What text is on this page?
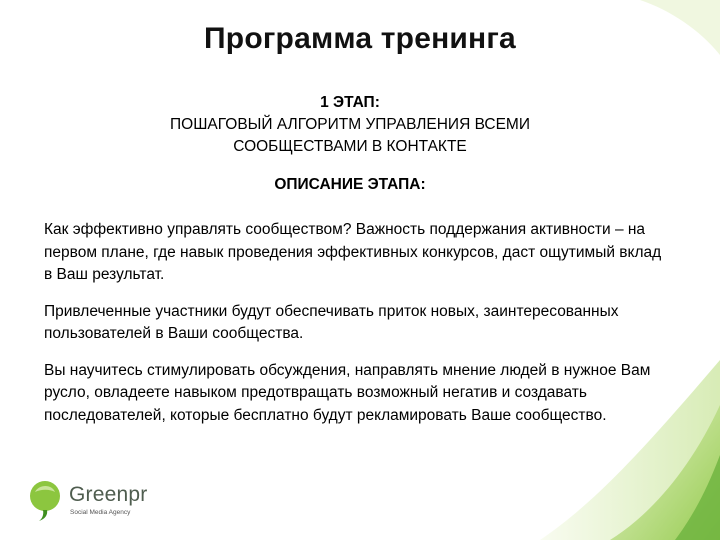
Программа тренинга
1 ЭТАП:
ПОШАГОВЫЙ АЛГОРИТМ УПРАВЛЕНИЯ ВСЕМИ СООБЩЕСТВАМИ В КОНТАКТЕ
ОПИСАНИЕ ЭТАПА:

Как эффективно управлять сообществом? Важность поддержания активности – на первом плане, где навык проведения эффективных конкурсов, даст ощутимый вклад в Ваш результат.

Привлеченные участники будут обеспечивать приток новых, заинтересованных пользователей в Ваши сообщества.

Вы научитесь стимулировать обсуждения, направлять мнение людей в нужное Вам русло, овладеете навыком предотвращать возможный негатив и создавать последователей, которые бесплатно будут рекламировать Ваше сообщество.

Greenpr
Social Media Agency
